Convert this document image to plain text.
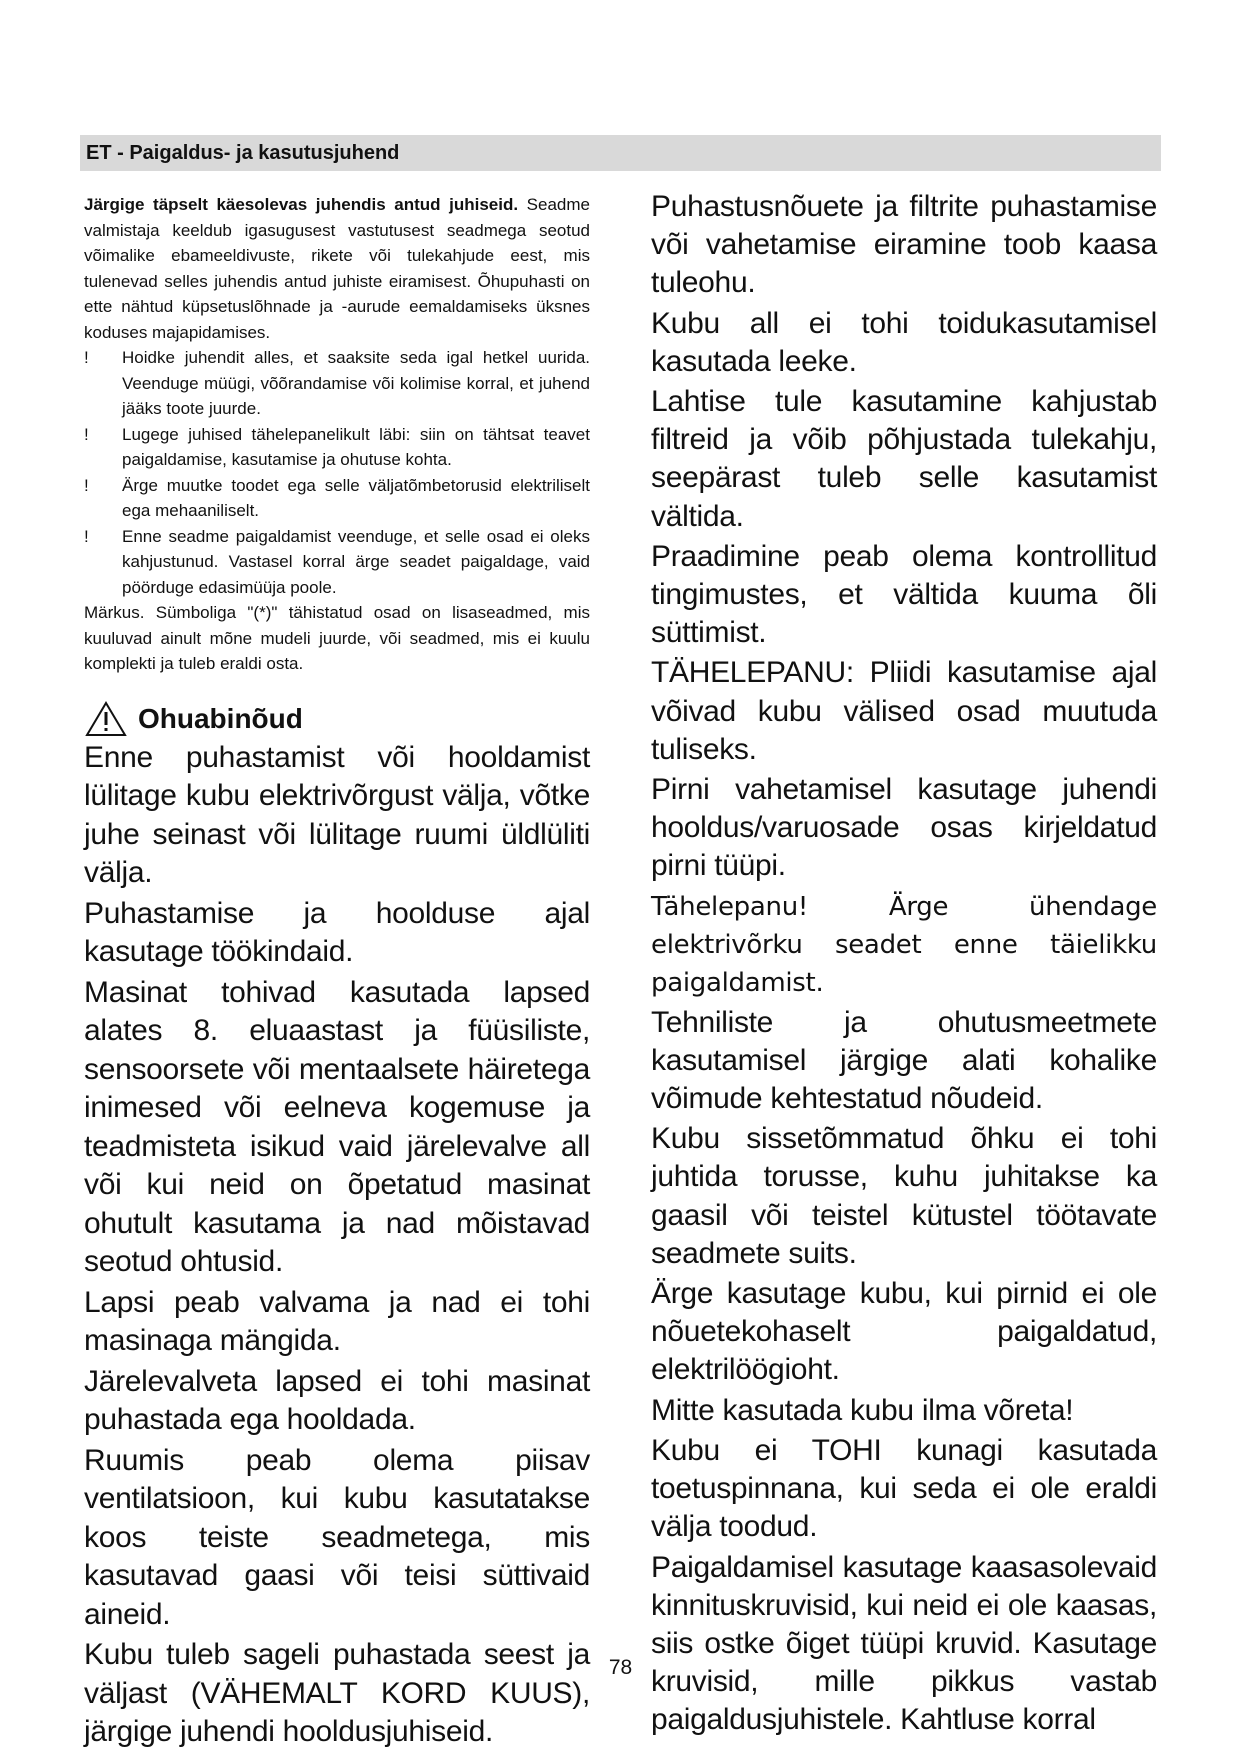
ET - Paigaldus- ja kasutusjuhend

Järgige täpselt käesolevas juhendis antud juhiseid. Seadme valmistaja keeldub igasugusest vastutusest seadmega seotud võimalike ebameeldivuste, rikete või tulekahjude eest, mis tulenevad selles juhendis antud juhiste eiramisest. Õhupuhasti on ette nähtud küpsetuslõhnade ja -aurude eemaldamiseks üksnes koduses majapidamises.

!	Hoidke juhendit alles, et saaksite seda igal hetkel uurida. Veenduge müügi, võõrandamise või kolimise korral, et juhend jääks toote juurde.
!	Lugege juhised tähelepanelikult läbi: siin on tähtsat teavet paigaldamise, kasutamise ja ohutuse kohta.
!	Ärge muutke toodet ega selle väljatõmbetorusid elektriliselt ega mehaaniliselt.
!	Enne seadme paigaldamist veenduge, et selle osad ei oleks kahjustunud. Vastasel korral ärge seadet paigaldage, vaid pöörduge edasimüüja poole.

Märkus. Sümboliga "(*)" tähistatud osad on lisaseadmed, mis kuuluvad ainult mõne mudeli juurde, või seadmed, mis ei kuulu komplekti ja tuleb eraldi osta.

Ohuabinõud

Enne puhastamist või hooldamist lülitage kubu elektrivõrgust välja, võtke juhe seinast või lülitage ruumi üldlüliti välja.

Puhastamise ja hoolduse ajal kasutage töökindaid.

Masinat tohivad kasutada lapsed alates 8. eluaastast ja füüsiliste, sensoorsete või mentaalsete häiretega inimesed või eelneva kogemuse ja teadmisteta isikud vaid järelevalve all või kui neid on õpetatud masinat ohutult kasutama ja nad mõistavad seotud ohtusid.

Lapsi peab valvama ja nad ei tohi masinaga mängida.

Järelevalveta lapsed ei tohi masinat puhastada ega hooldada.

Ruumis peab olema piisav ventilatsioon, kui kubu kasutatakse koos teiste seadmetega, mis kasutavad gaasi või teisi süttivaid aineid.

Kubu tuleb sageli puhastada seest ja väljast (VÄHEMALT KORD KUUS), järgige juhendi hooldusjuhiseid.

Puhastusnõuete ja filtrite puhastamise või vahetamise eiramine toob kaasa tuleohu.

Kubu all ei tohi toidukasutamisel kasutada leeke.

Lahtise tule kasutamine kahjustab filtreid ja võib põhjustada tulekahju, seepärast tuleb selle kasutamist vältida.

Praadimine peab olema kontrollitud tingimustes, et vältida kuuma õli süttimist.

TÄHELEPANU: Pliidi kasutamise ajal võivad kubu välised osad muutuda tuliseks.

Pirni vahetamisel kasutage juhendi hooldus/varuosade osas kirjeldatud pirni tüüpi.

Tähelepanu! Ärge ühendage elektrivõrku seadet enne täielikku paigaldamist.

Tehniliste ja ohutusmeetmete kasutamisel järgige alati kohalike võimude kehtestatud nõudeid.

Kubu sissetõmmatud õhku ei tohi juhtida torusse, kuhu juhitakse ka gaasil või teistel kütustel töötavate seadmete suits.

Ärge kasutage kubu, kui pirnid ei ole nõuetekohaselt paigaldatud, elektrilöögioht.

Mitte kasutada kubu ilma võreta!

Kubu ei TOHI kunagi kasutada toetuspinnana, kui seda ei ole eraldi välja toodud.

Paigaldamisel kasutage kaasasolevaid kinnituskruvisid, kui neid ei ole kaasas, siis ostke õiget tüüpi kruvid. Kasutage kruvisid, mille pikkus vastab paigaldusjuhistele. Kahtluse korral

78
